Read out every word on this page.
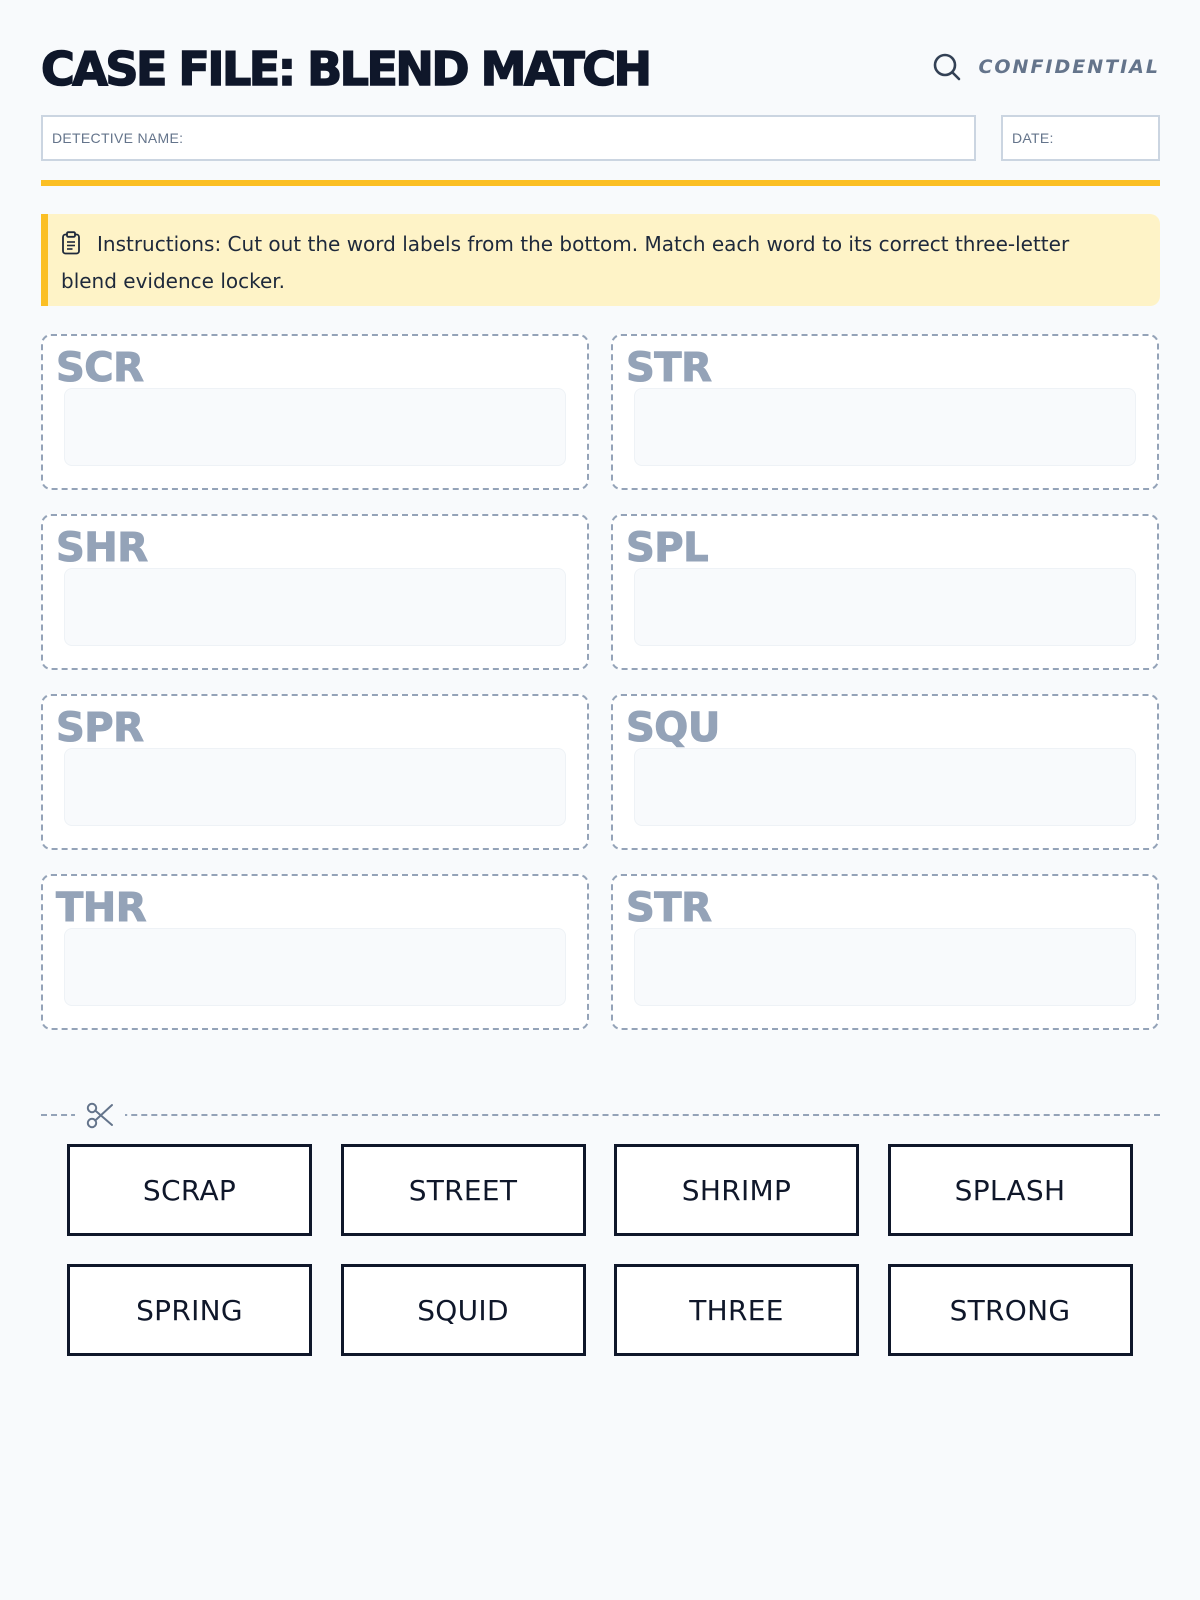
CASE FILE: BLEND MATCH	CONFIDENTIAL
DETECTIVE NAME:	DATE:
Instructions: Cut out the word labels from the bottom. Match each word to its correct three-letter blend evidence locker.
SCR	STR
SHR	SPL
SPR	SQU
THR	STR
SCRAP	STREET	SHRIMP	SPLASH
SPRING	SQUID	THREE	STRONG
